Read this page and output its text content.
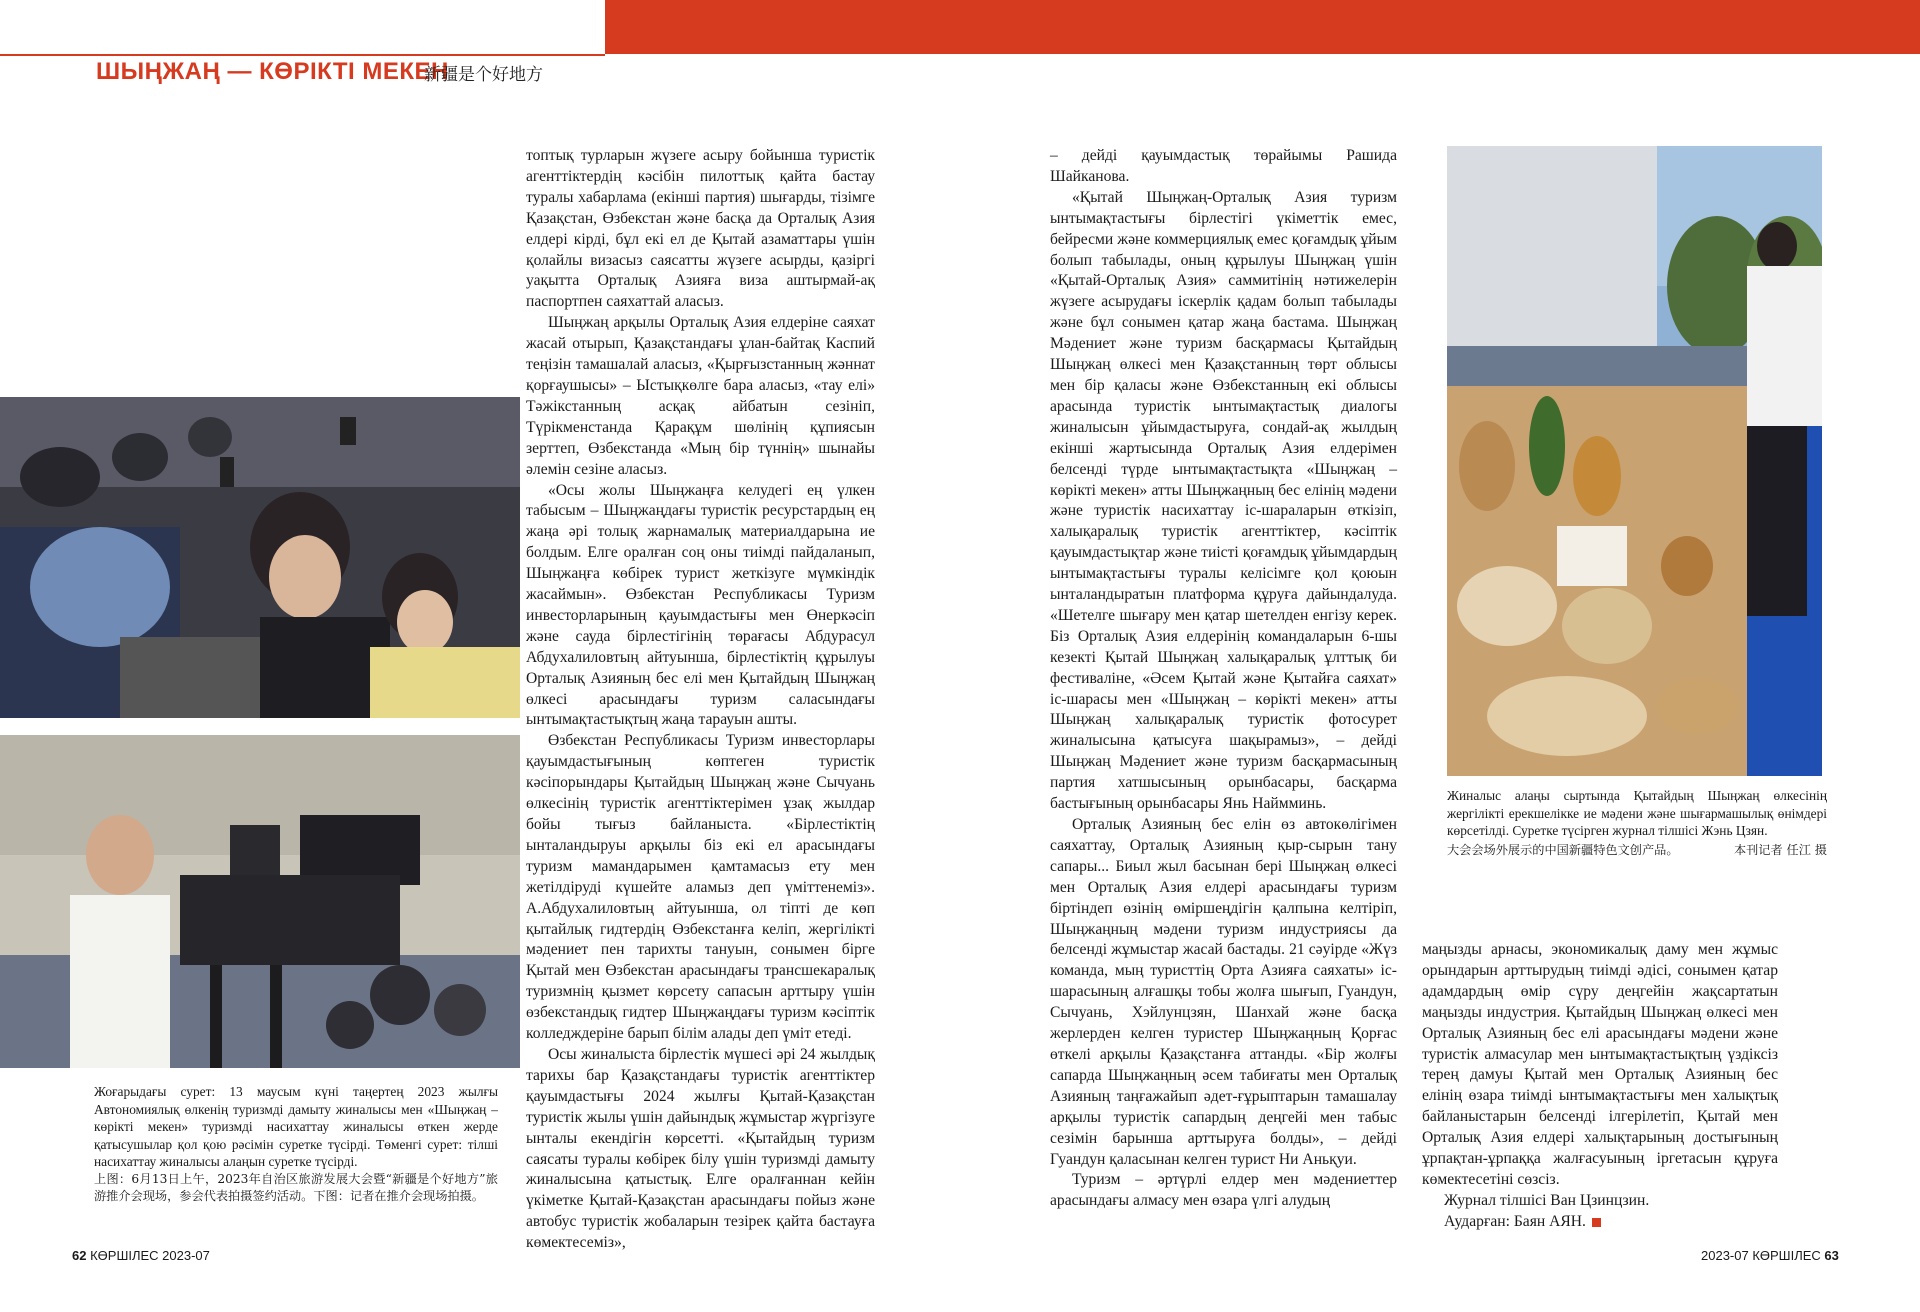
ШЫҢЖАҢ — КӨРІКТІ МЕКЕН
新疆是个好地方

топтық турларын жүзеге асыру бойынша туристік агенттіктердің кәсібін пилоттық қайта бастау туралы хабарлама (екінші партия) шығарды, тізімге Қазақстан, Өзбекстан және басқа да Орталық Азия елдері кірді, бұл екі ел де Қытай азаматтары үшін қолайлы визасыз саясатты жүзеге асырды, қазіргі уақытта Орталық Азияға виза аштырмай-ақ паспортпен саяхаттай аласыз.

Шыңжаң арқылы Орталық Азия елдеріне саяхат жасай отырып, Қазақстандағы ұлан-байтақ Каспий теңізін тамашалай аласыз, «Қырғызстанның жәннат қорғаушысы» – Ыстықкөлге бара аласыз, «тау елі» Тәжікстанның асқақ айбатын сезініп, Түрікменстанда Қарақұм шөлінің құпиясын зерттеп, Өзбекстанда «Мың бір түннің» шынайы әлемін сезіне аласыз.

«Осы жолы Шыңжаңға келудегі ең үлкен табысым – Шыңжаңдағы туристік ресурстардың ең жаңа әрі толық жарнамалық материалдарына ие болдым. Елге оралған соң оны тиімді пайдаланып, Шыңжаңға көбірек турист жеткізуге мүмкіндік жасаймын». Өзбекстан Республикасы Туризм инвесторларының қауымдастығы мен Өнеркәсіп және сауда бірлестігінің төрағасы Абдурасул Абдухалиловтың айтуынша, бірлестіктің құрылуы Орталық Азияның бес елі мен Қытайдың Шыңжаң өлкесі арасындағы туризм саласындағы ынтымақтастықтың жаңа тарауын ашты.

Өзбекстан Республикасы Туризм инвесторлары қауымдастығының көптеген туристік кәсіпорындары Қытайдың Шыңжаң және Сычуань өлкесінің туристік агенттіктерімен ұзақ жылдар бойы тығыз байланыста. «Бірлестіктің ынталандыруы арқылы біз екі ел арасындағы туризм мамандарымен қамтамасыз ету мен жетілдіруді күшейте аламыз деп үміттенеміз». А.Абдухалиловтың айтуынша, ол тіпті де көп қытайлық гидтердің Өзбекстанға келіп, жергілікті мәдениет пен тарихты тануын, сонымен бірге Қытай мен Өзбекстан арасындағы трансшекаралық туризмнің қызмет көрсету сапасын арттыру үшін өзбекстандық гидтер Шыңжаңдағы туризм кәсіптік колледждеріне барып білім алады деп үміт етеді.

Осы жиналыста бірлестік мүшесі әрі 24 жылдық тарихы бар Қазақстандағы туристік агенттіктер қауымдастығы 2024 жылғы Қытай-Қазақстан туристік жылы үшін дайындық жұмыстар жүргізуге ынталы екендігін көрсетті. «Қытайдың туризм саясаты туралы көбірек білу үшін туризмді дамыту жиналысына қатыстық. Елге оралғаннан кейін үкіметке Қытай-Қазақстан арасындағы пойыз және автобус туристік жобаларын тезірек қайта бастауға көмектесеміз»,

– дейді қауымдастық төрайымы Рашида Шайканова.

«Қытай Шыңжаң-Орталық Азия туризм ынтымақтастығы бірлестігі үкіметтік емес, бейресми және коммерциялық емес қоғамдық ұйым болып табылады, оның құрылуы Шыңжаң үшін «Қытай-Орталық Азия» саммитінің нәтижелерін жүзеге асырудағы іскерлік қадам болып табылады және бұл сонымен қатар жаңа бастама. Шыңжаң Мәдениет және туризм басқармасы Қытайдың Шыңжаң өлкесі мен Қазақстанның төрт облысы мен бір қаласы және Өзбекстанның екі облысы арасында туристік ынтымақтастық диалогы жиналысын ұйымдастыруға, сондай-ақ жылдың екінші жартысында Орталық Азия елдерімен белсенді түрде ынтымақтастықта «Шыңжаң – көрікті мекен» атты Шыңжаңның бес елінің мәдени және туристік насихаттау іс-шараларын өткізіп, халықаралық туристік агенттіктер, кәсіптік қауымдастықтар және тиісті қоғамдық ұйымдардың ынтымақтастығы туралы келісімге қол қоюын ынталандыратын платформа құруға дайындалуда. «Шетелге шығару мен қатар шетелден енгізу керек. Біз Орталық Азия елдерінің командаларын 6-шы кезекті Қытай Шыңжаң халықаралық ұлттық би фестиваліне, «Әсем Қытай және Қытайға саяхат» іс-шарасы мен «Шыңжаң – көрікті мекен» атты Шыңжаң халықаралық туристік фотосурет жиналысына қатысуға шақырамыз», – дейді Шыңжаң Мәдениет және туризм басқармасының партия хатшысының орынбасары, басқарма бастығының орынбасары Янь Наймминь.

Орталық Азияның бес елін өз автокөлігімен саяхаттау, Орталық Азияның қыр-сырын тану сапары... Биыл жыл басынан бері Шыңжаң өлкесі мен Орталық Азия елдері арасындағы туризм біртіндеп өзінің өміршеңдігін қалпына келтіріп, Шыңжаңның мәдени туризм индустриясы да белсенді жұмыстар жасай бастады. 21 сәуірде «Жүз команда, мың туристтің Орта Азияға саяхаты» іс-шарасының алғашқы тобы жолға шығып, Гуандун, Сычуань, Хэйлунцзян, Шанхай және басқа жерлерден келген туристер Шыңжаңның Қорғас өткелі арқылы Қазақстанға аттанды. «Бір жолғы сапарда Шыңжаңның әсем табиғаты мен Орталық Азияның таңғажайып әдет-ғұрыптарын тамашалау арқылы туристік сапардың деңгейі мен табыс сезімін барынша арттыруға болды», – дейді Гуандун қаласынан келген турист Ни Аньқуи.

Туризм – әртүрлі елдер мен мәдениеттер арасындағы алмасу мен өзара үлгі алудың

маңызды арнасы, экономикалық даму мен жұмыс орындарын арттырудың тиімді әдісі, сонымен қатар адамдардың өмір сүру деңгейін жақсартатын маңызды индустрия. Қытайдың Шыңжаң өлкесі мен Орталық Азияның бес елі арасындағы мәдени және туристік алмасулар мен ынтымақтастықтың үздіксіз терең дамуы Қытай мен Орталық Азияның бес елінің өзара тиімді ынтымақтастығы мен халықтық байланыстарын белсенді ілгерілетіп, Қытай мен Орталық Азия елдері халықтарының достығының ұрпақтан-ұрпаққа жалғасуының іргетасын құруға көмектесетіні сөзсіз.

Журнал тілшісі Ван Цзинцзин.

Аударған: Баян АЯН.

Жоғарыдағы сурет: 13 маусым күні таңертең 2023 жылғы Автономиялық өлкенің туризмді дамыту жиналысы мен «Шыңжаң – көрікті мекен» туризмді насихаттау жиналысы өткен жерде қатысушылар қол қою рәсімін суретке түсірді. Төменгі сурет: тілші насихаттау жиналысы алаңын суретке түсірді.
上图：6月13日上午，2023年自治区旅游发展大会暨“新疆是个好地方”旅游推介会现场，参会代表拍摄签约活动。下图：记者在推介会现场拍摄。
Жиналыс алаңы сыртында Қытайдың Шыңжаң өлкесінің жергілікті ерекшелікке ие мәдени және шығармашылық өнімдері көрсетілді. Суретке түсірген журнал тілшісі Жэнь Цзян.
大会会场外展示的中国新疆特色文创产品。	本刊记者 任江 摄
62 КӨРШІЛЕС 2023-07	2023-07 КӨРШІЛЕС 63
